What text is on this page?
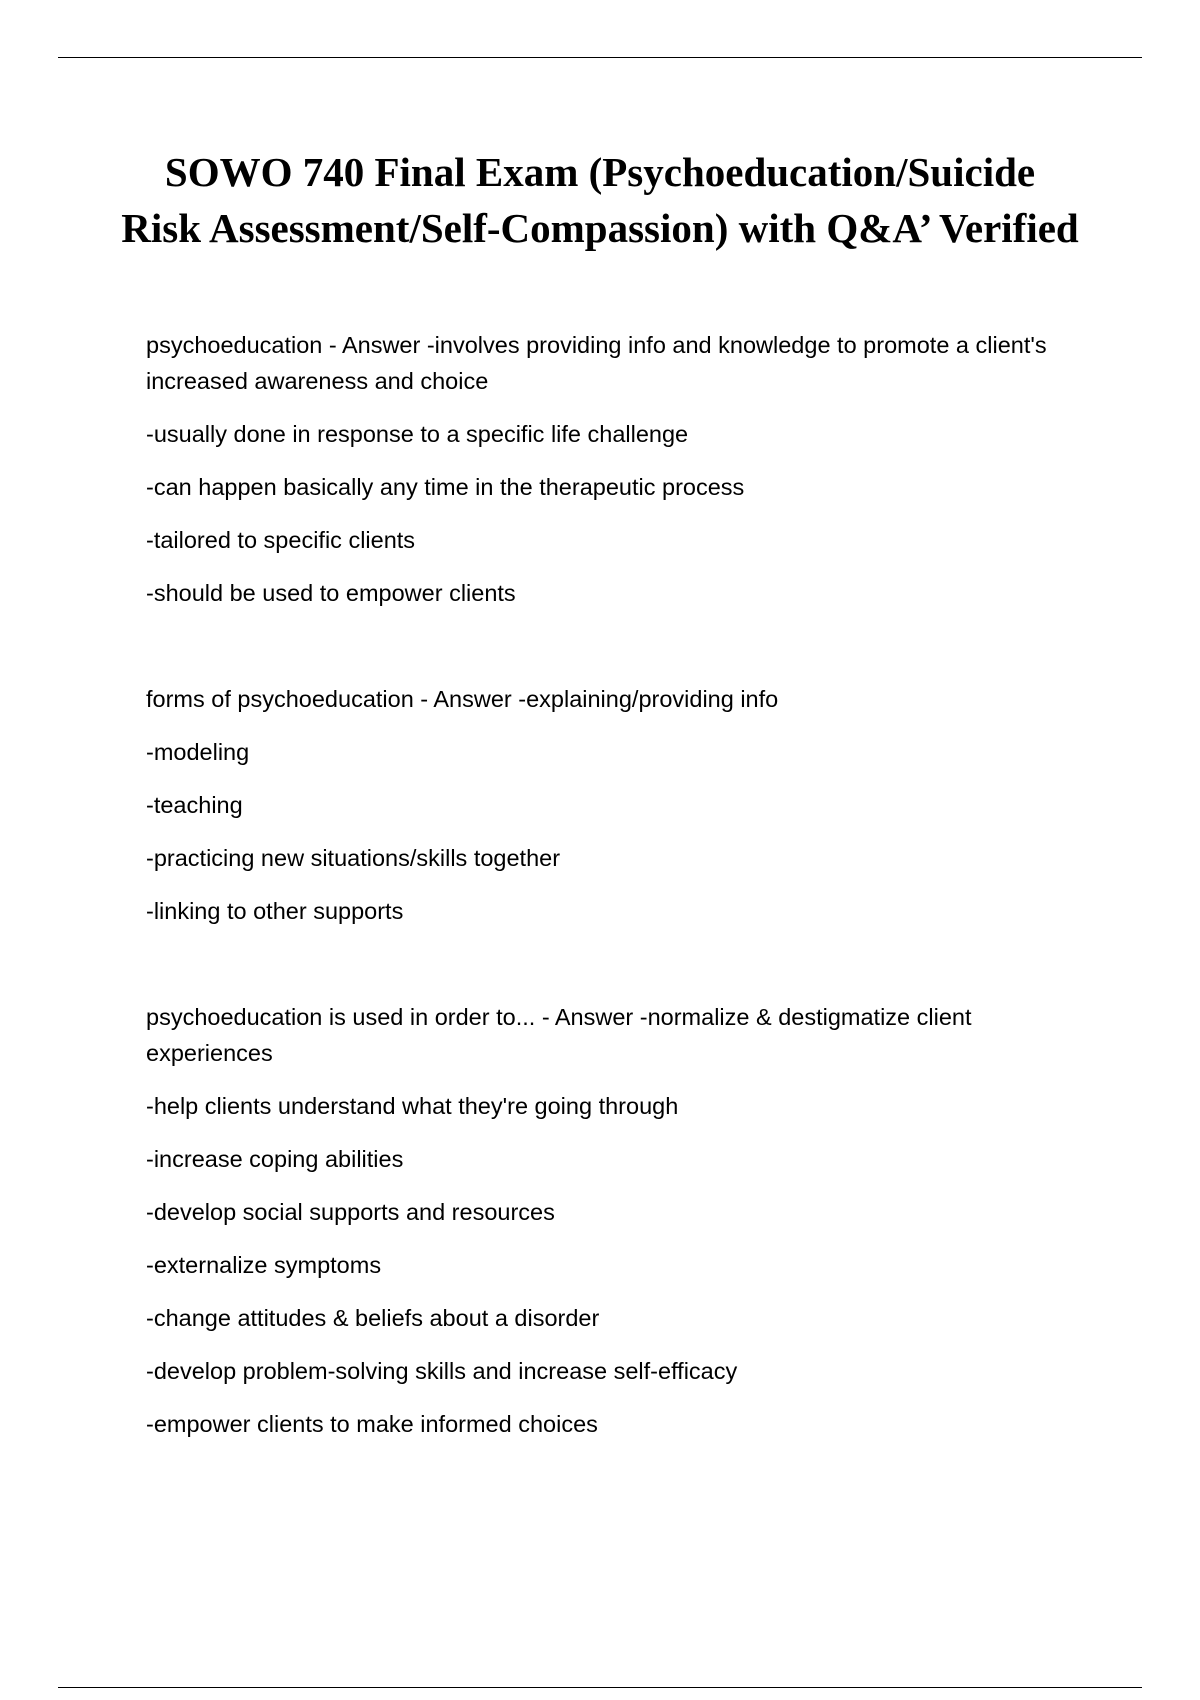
SOWO 740 Final Exam (Psychoeducation/Suicide Risk Assessment/Self-Compassion) with Q&A’ Verified

psychoeducation - Answer -involves providing info and knowledge to promote a client's increased awareness and choice

-usually done in response to a specific life challenge

-can happen basically any time in the therapeutic process

-tailored to specific clients

-should be used to empower clients

forms of psychoeducation - Answer -explaining/providing info

-modeling

-teaching

-practicing new situations/skills together

-linking to other supports

psychoeducation is used in order to... - Answer -normalize & destigmatize client experiences

-help clients understand what they're going through

-increase coping abilities

-develop social supports and resources

-externalize symptoms

-change attitudes & beliefs about a disorder

-develop problem-solving skills and increase self-efficacy

-empower clients to make informed choices
